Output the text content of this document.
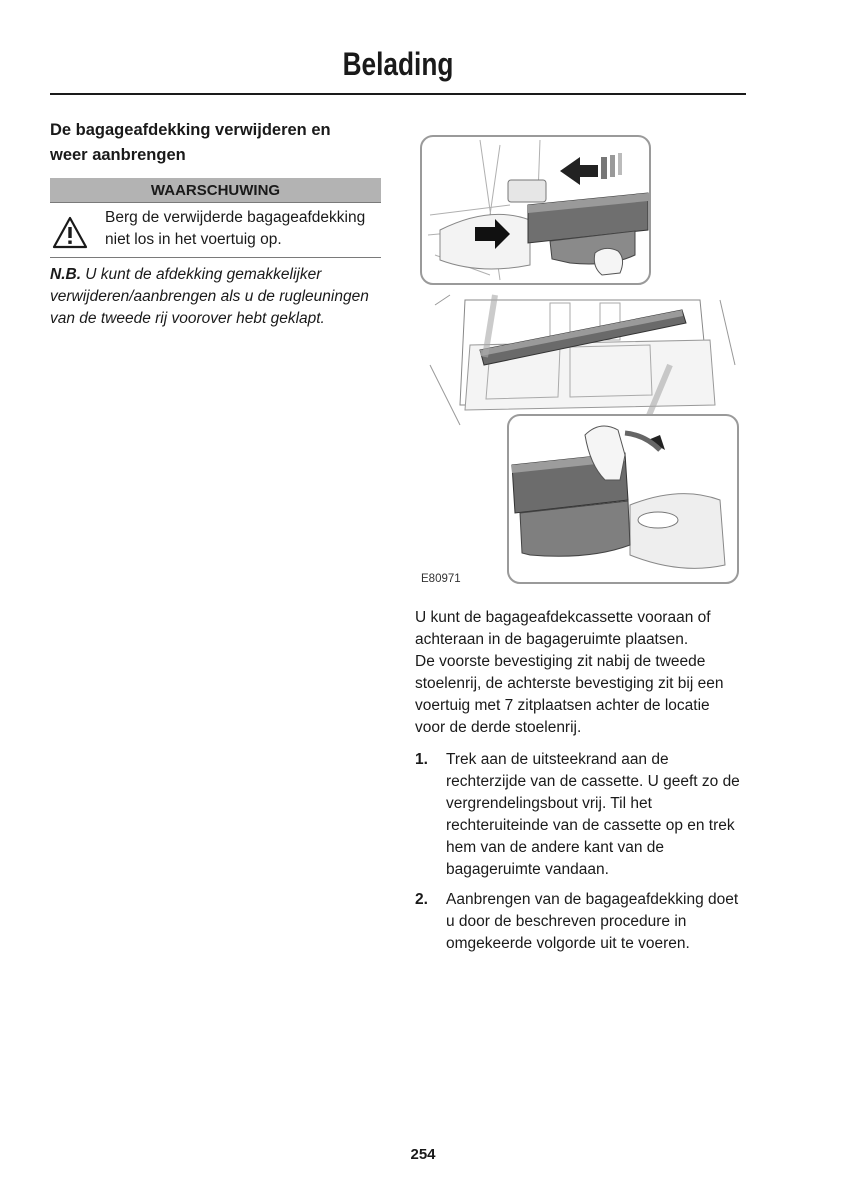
Belading
De bagageafdekking verwijderen en
weer aanbrengen
WAARSCHUWING
Berg de verwijderde bagageafdekking
niet los in het voertuig op.
N.B. U kunt de afdekking gemakkelijker
verwijderen/aanbrengen als u de rugleuningen
van de tweede rij voorover hebt geklapt.
E80971
U kunt de bagageafdekcassette vooraan of
achteraan in de bagageruimte plaatsen.
De voorste bevestiging zit nabij de tweede
stoelenrij, de achterste bevestiging zit bij een
voertuig met 7 zitplaatsen achter de locatie
voor de derde stoelenrij.
1.	Trek aan de uitsteekrand aan de
rechterzijde van de cassette. U geeft zo de
vergrendelingsbout vrij. Til het
rechteruiteinde van de cassette op en trek
hem van de andere kant van de
bagageruimte vandaan.
2.	Aanbrengen van de bagageafdekking doet
u door de beschreven procedure in
omgekeerde volgorde uit te voeren.
254
